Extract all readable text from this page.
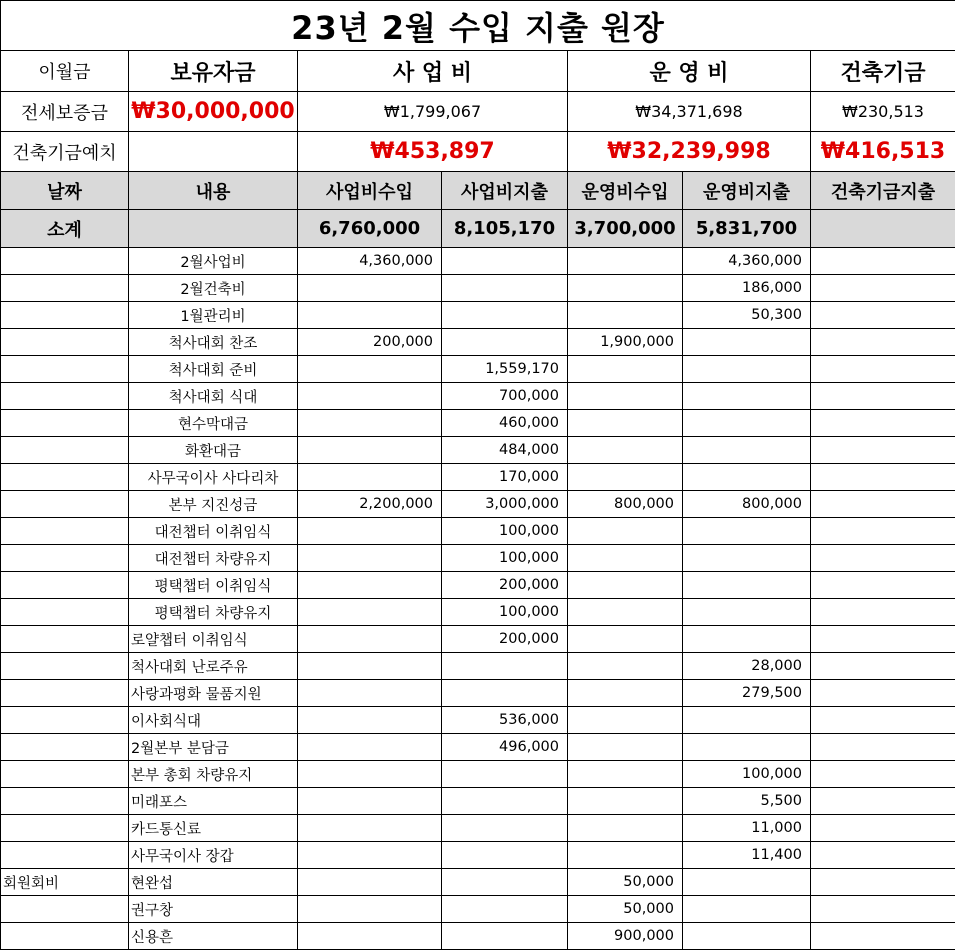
23년 2월 수입 지출 원장						
이월금	보유자금	사 업 비		운 영 비		건축기금
전세보증금	₩30,000,000	₩1,799,067		₩34,371,698		₩230,513
건축기금예치		₩453,897		₩32,239,998		₩416,513
날짜	내용	사업비수입	사업비지출	운영비수입	운영비지출	건축기금지출
소계		6,760,000	8,105,170	3,700,000	5,831,700	
	2월사업비	4,360,000			4,360,000	
	2월건축비				186,000	
	1월관리비				50,300	
	척사대회 찬조	200,000		1,900,000		
	척사대회 준비		1,559,170			
	척사대회 식대		700,000			
	현수막대금		460,000			
	화환대금		484,000			
	사무국이사 사다리차		170,000			
	본부 지진성금	2,200,000	3,000,000	800,000	800,000	
	대전챕터 이취임식		100,000			
	대전챕터 차량유지		100,000			
	평택챕터 이취임식		200,000			
	평택챕터 차량유지		100,000			
	로얄챕터 이취임식		200,000			
	척사대회 난로주유				28,000	
	사랑과평화 물품지원				279,500	
	이사회식대		536,000			
	2월본부 분담금		496,000			
	본부 총회 차량유지				100,000	
	미래포스				5,500	
	카드통신료				11,000	
	사무국이사 장갑				11,400	
회원회비	현완섭			50,000		
	권구창			50,000		
	신용흔			900,000		
